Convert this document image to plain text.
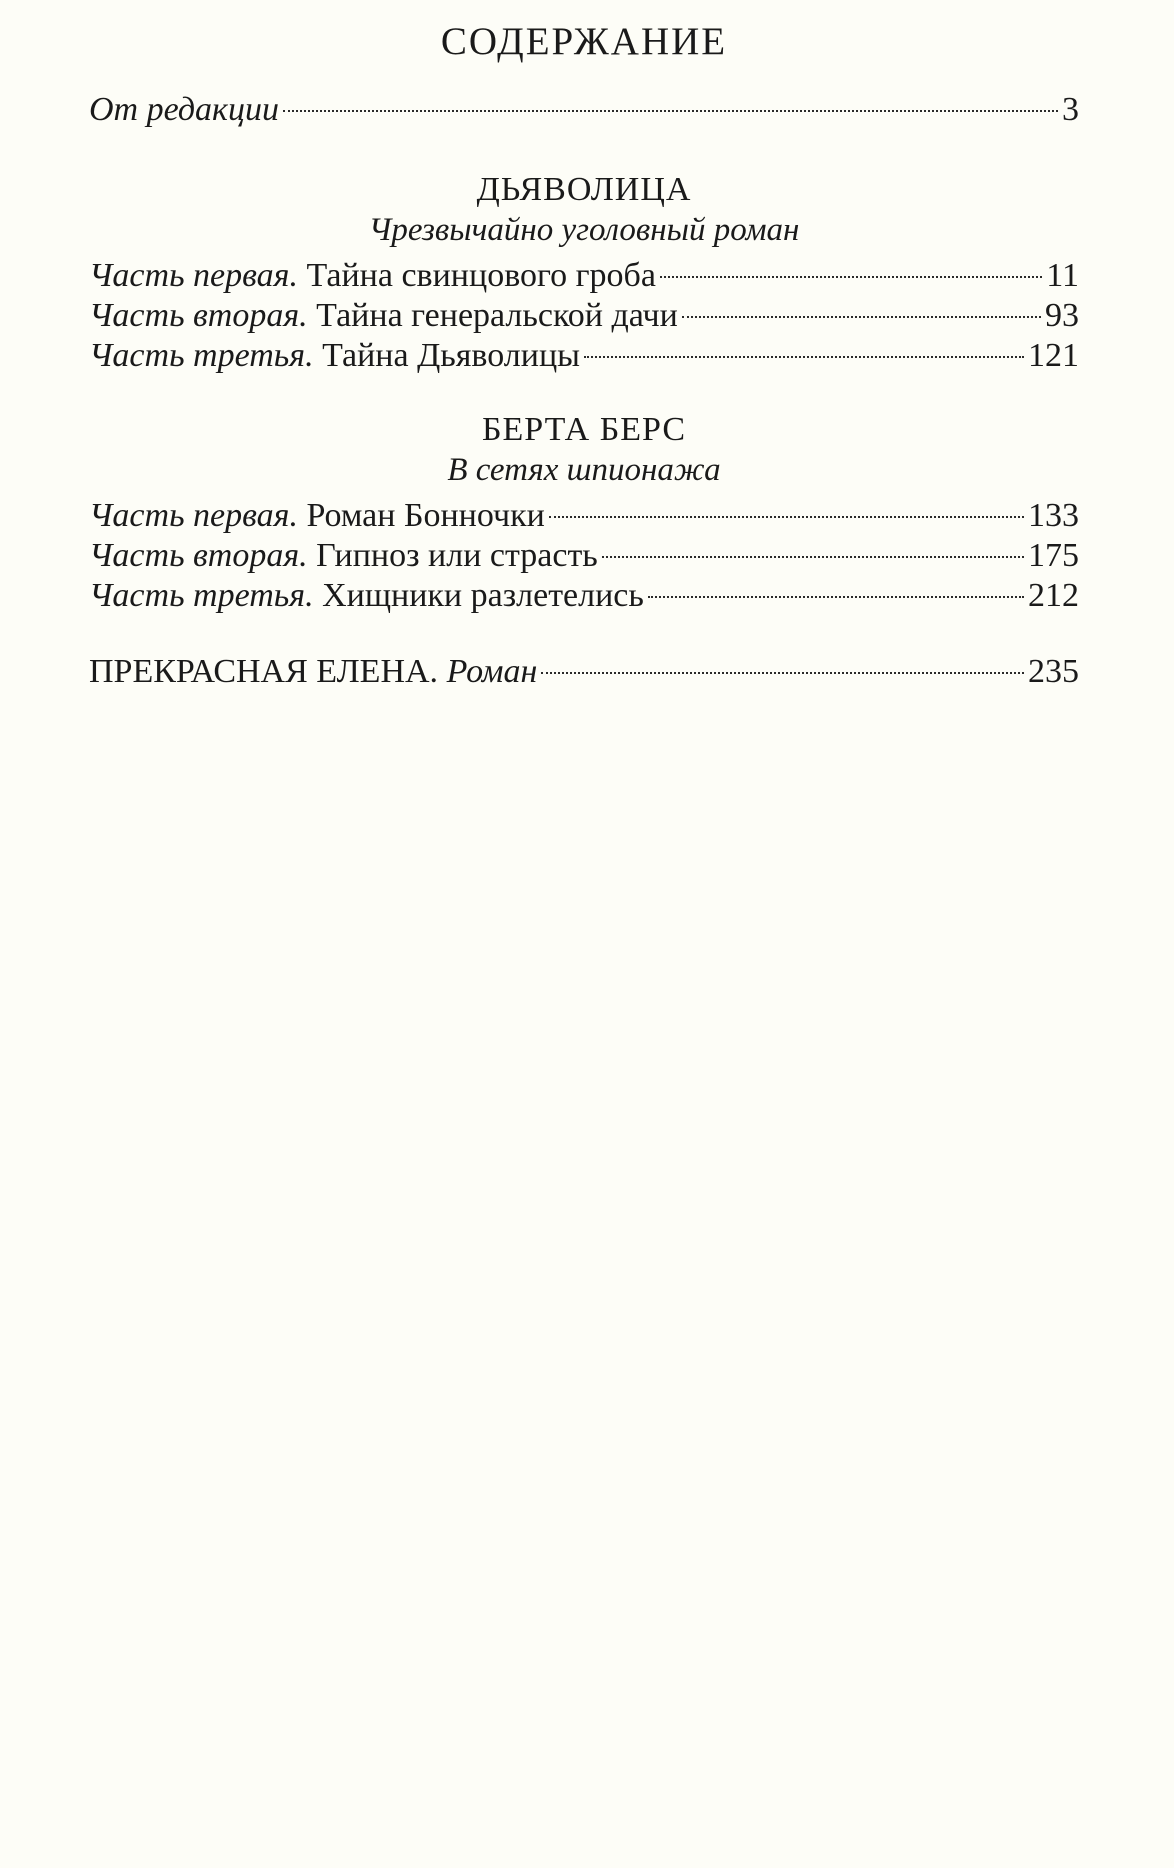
СОДЕРЖАНИЕ
От редакции	3
ДЬЯВОЛИЦА
Чрезвычайно уголовный роман
Часть первая. Тайна свинцового гроба	11
Часть вторая. Тайна генеральской дачи	93
Часть третья. Тайна Дьяволицы	121
БЕРТА БЕРС
В сетях шпионажа
Часть первая. Роман Бонночки	133
Часть вторая. Гипноз или страсть	175
Часть третья. Хищники разлетелись	212
ПРЕКРАСНАЯ ЕЛЕНА. Роман	235
